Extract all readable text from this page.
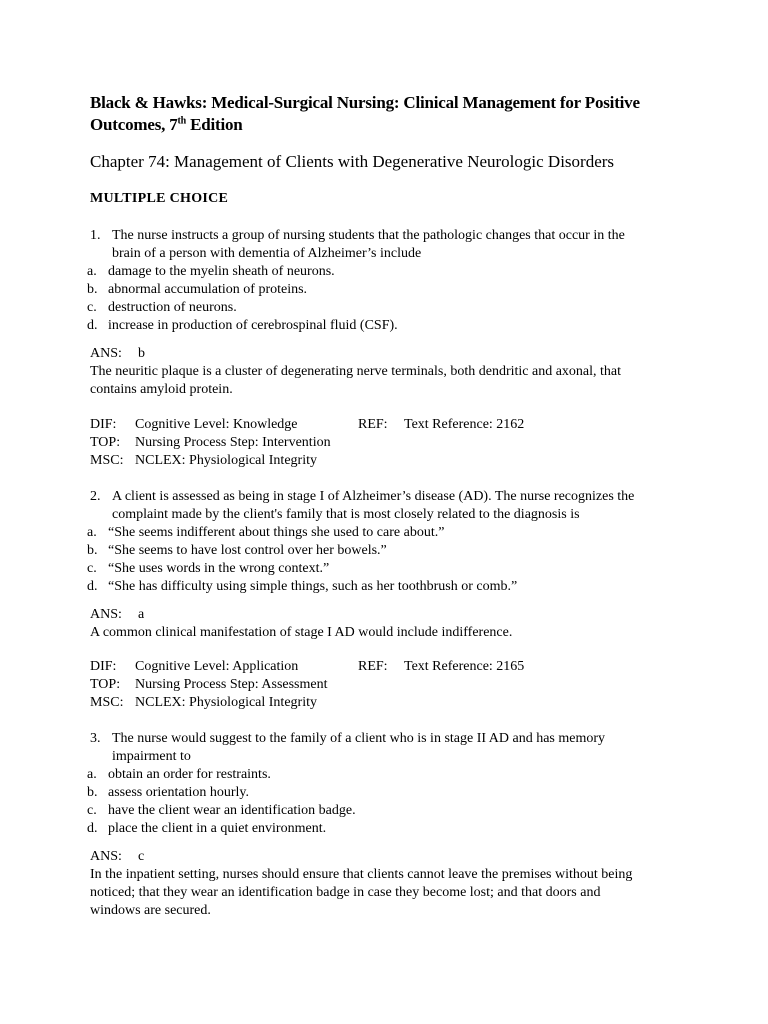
Black & Hawks: Medical-Surgical Nursing: Clinical Management for Positive
Outcomes, 7th Edition
Chapter 74: Management of Clients with Degenerative Neurologic Disorders
MULTIPLE CHOICE
1. The nurse instructs a group of nursing students that the pathologic changes that occur in the
brain of a person with dementia of Alzheimer’s include
a. damage to the myelin sheath of neurons.
b. abnormal accumulation of proteins.
c. destruction of neurons.
d. increase in production of cerebrospinal fluid (CSF).
ANS: b
The neuritic plaque is a cluster of degenerating nerve terminals, both dendritic and axonal, that
contains amyloid protein.
DIF: Cognitive Level: Knowledge	REF: Text Reference: 2162
TOP: Nursing Process Step: Intervention
MSC: NCLEX: Physiological Integrity
2. A client is assessed as being in stage I of Alzheimer’s disease (AD). The nurse recognizes the
complaint made by the client's family that is most closely related to the diagnosis is
a. “She seems indifferent about things she used to care about.”
b. “She seems to have lost control over her bowels.”
c. “She uses words in the wrong context.”
d. “She has difficulty using simple things, such as her toothbrush or comb.”
ANS: a
A common clinical manifestation of stage I AD would include indifference.
DIF: Cognitive Level: Application	REF: Text Reference: 2165
TOP: Nursing Process Step: Assessment
MSC: NCLEX: Physiological Integrity
3. The nurse would suggest to the family of a client who is in stage II AD and has memory
impairment to
a. obtain an order for restraints.
b. assess orientation hourly.
c. have the client wear an identification badge.
d. place the client in a quiet environment.
ANS: c
In the inpatient setting, nurses should ensure that clients cannot leave the premises without being
noticed; that they wear an identification badge in case they become lost; and that doors and
windows are secured.
